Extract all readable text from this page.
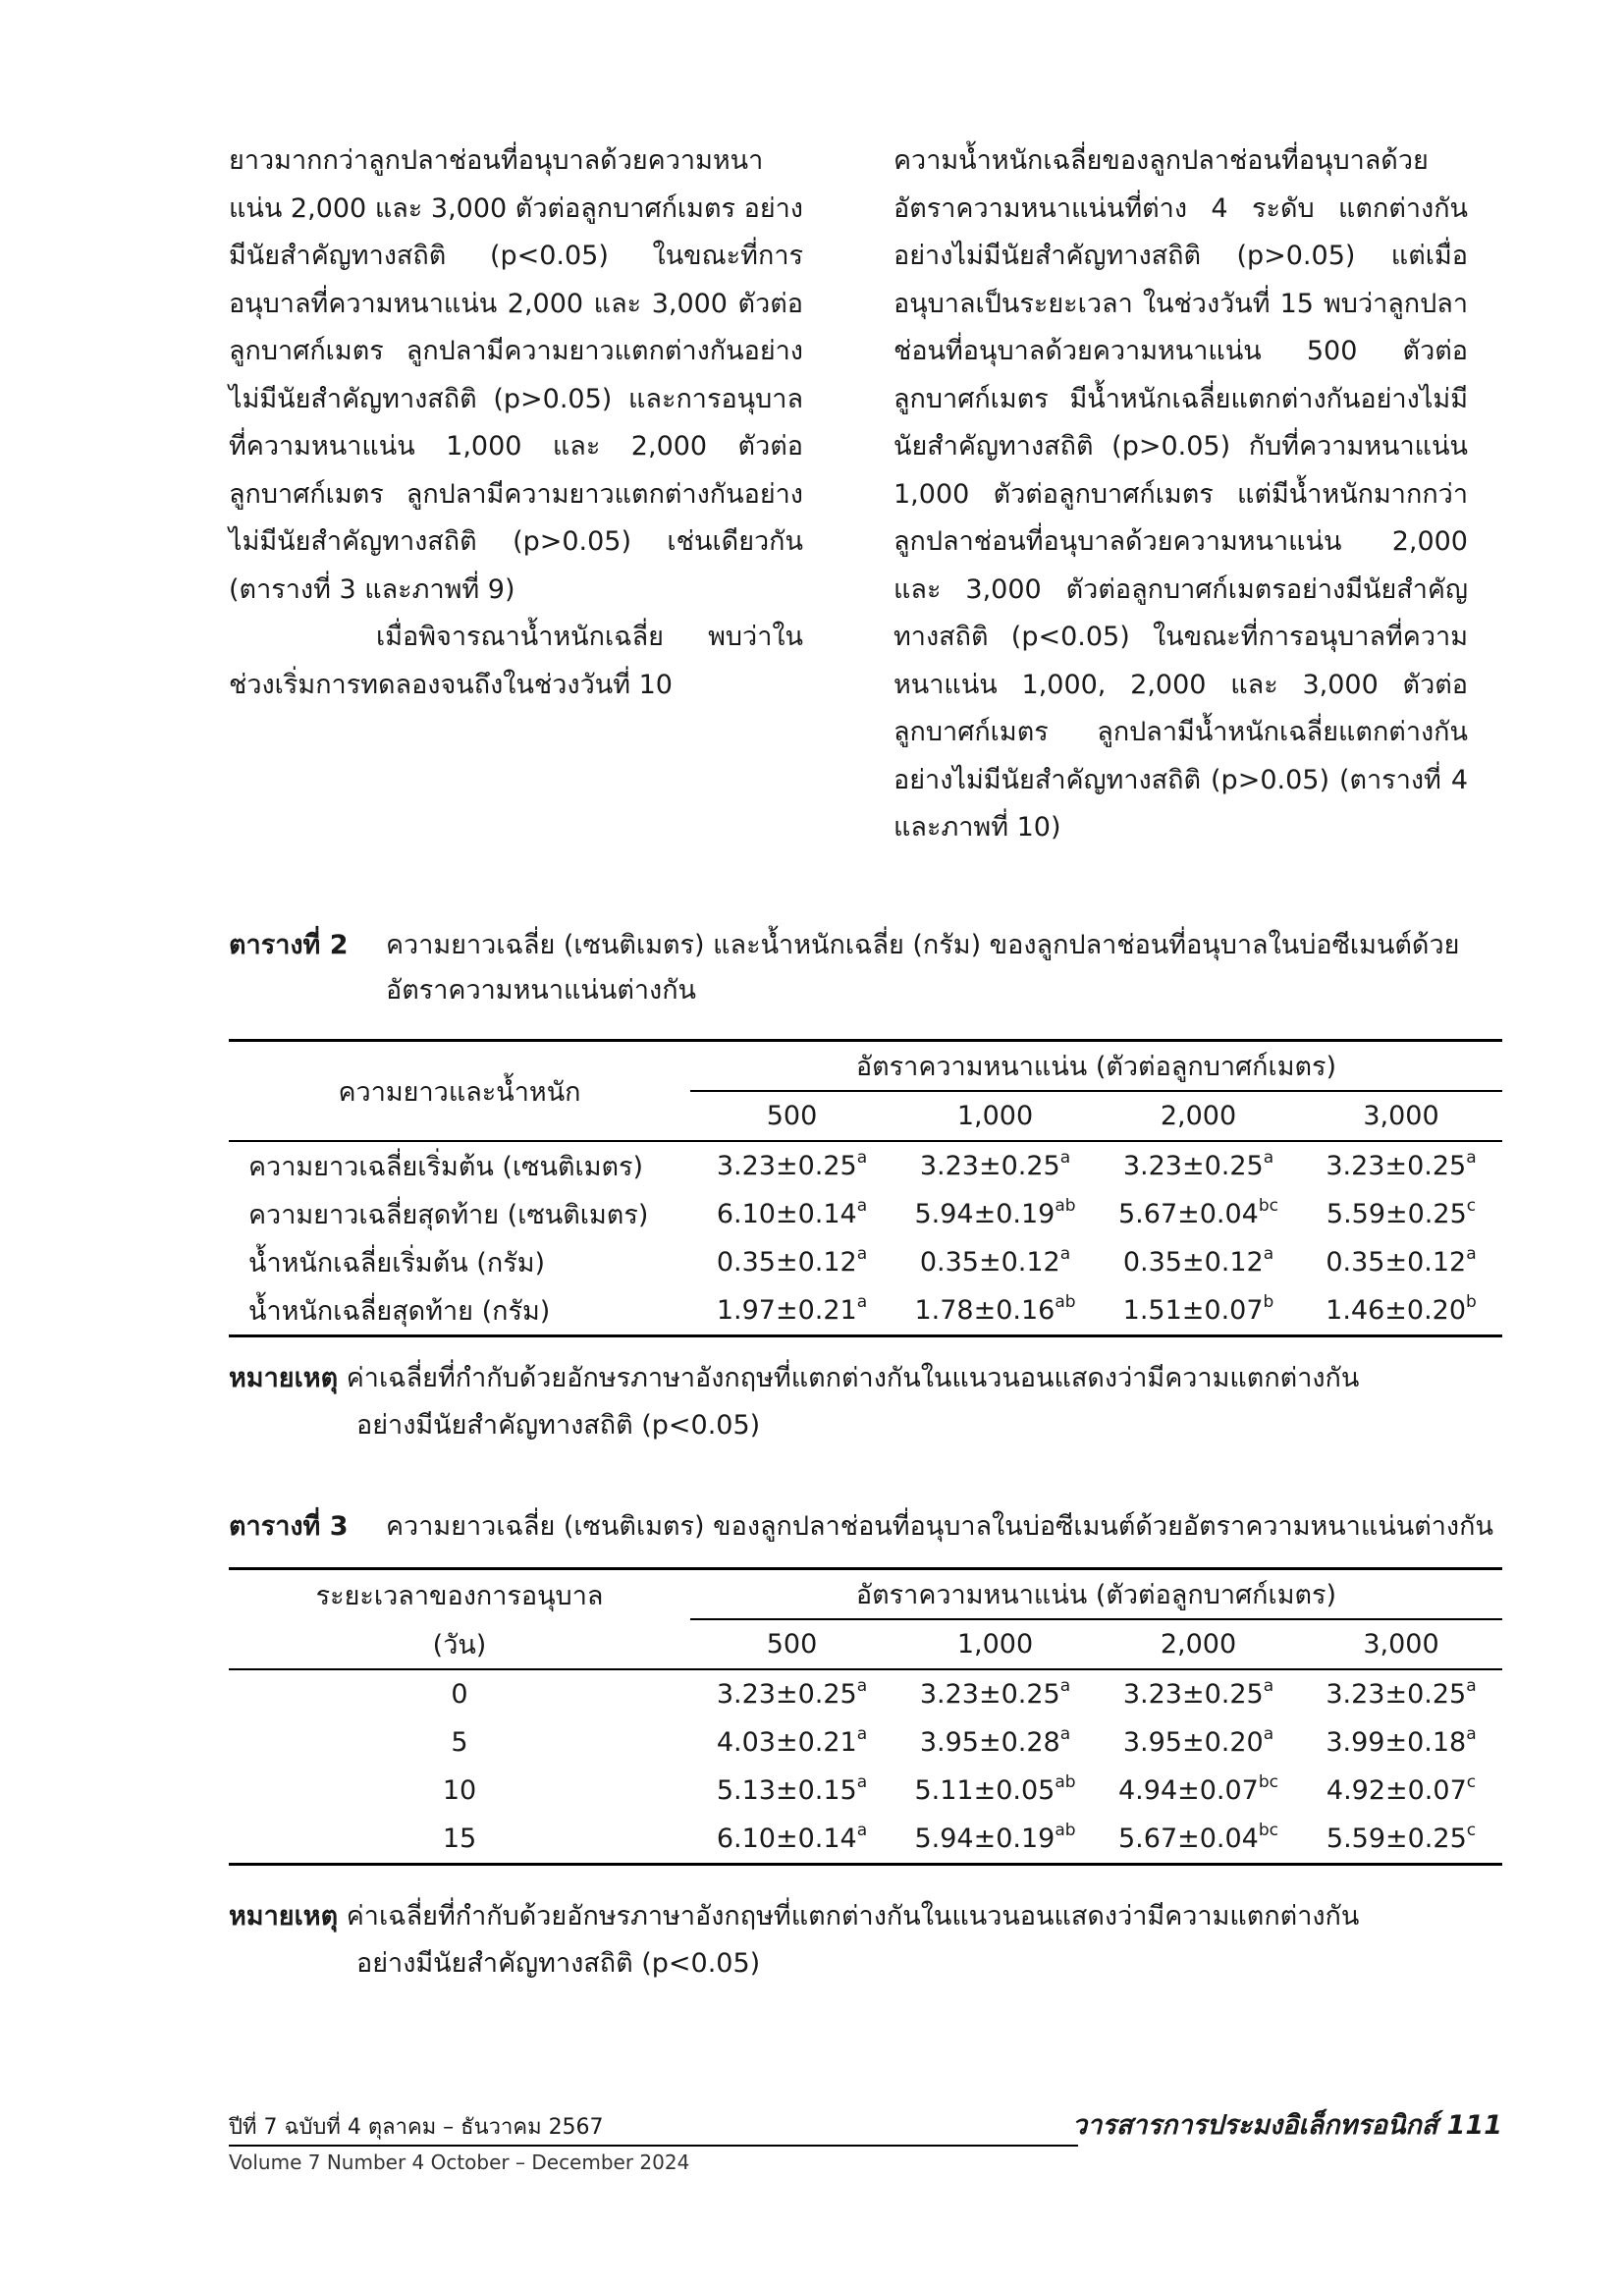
ยาวมากกว่าลูกปลาช่อนที่อนุบาลด้วยความหนาแน่น 2,000 และ 3,000 ตัวต่อลูกบาศก์เมตร อย่างมีนัยสำคัญทางสถิติ (p<0.05) ในขณะที่การอนุบาลที่ความหนาแน่น 2,000 และ 3,000 ตัวต่อลูกบาศก์เมตร ลูกปลามีความยาวแตกต่างกันอย่างไม่มีนัยสำคัญทางสถิติ (p>0.05) และการอนุบาลที่ความหนาแน่น 1,000 และ 2,000 ตัวต่อลูกบาศก์เมตร ลูกปลามีความยาวแตกต่างกันอย่างไม่มีนัยสำคัญทางสถิติ (p>0.05) เช่นเดียวกัน (ตารางที่ 3 และภาพที่ 9)

เมื่อพิจารณาน้ำหนักเฉลี่ย พบว่าในช่วงเริ่มการทดลองจนถึงในช่วงวันที่ 10

ความน้ำหนักเฉลี่ยของลูกปลาช่อนที่อนุบาลด้วยอัตราความหนาแน่นที่ต่าง 4 ระดับ แตกต่างกันอย่างไม่มีนัยสำคัญทางสถิติ (p>0.05) แต่เมื่ออนุบาลเป็นระยะเวลา ในช่วงวันที่ 15 พบว่าลูกปลาช่อนที่อนุบาลด้วยความหนาแน่น 500 ตัวต่อลูกบาศก์เมตร มีน้ำหนักเฉลี่ยแตกต่างกันอย่างไม่มีนัยสำคัญทางสถิติ (p>0.05) กับที่ความหนาแน่น 1,000 ตัวต่อลูกบาศก์เมตร แต่มีน้ำหนักมากกว่าลูกปลาช่อนที่อนุบาลด้วยความหนาแน่น 2,000 และ 3,000 ตัวต่อลูกบาศก์เมตรอย่างมีนัยสำคัญทางสถิติ (p<0.05) ในขณะที่การอนุบาลที่ความหนาแน่น 1,000, 2,000 และ 3,000 ตัวต่อลูกบาศก์เมตร ลูกปลามีน้ำหนักเฉลี่ยแตกต่างกันอย่างไม่มีนัยสำคัญทางสถิติ (p>0.05) (ตารางที่ 4 และภาพที่ 10)

ตารางที่ 2 ความยาวเฉลี่ย (เซนติเมตร) และน้ำหนักเฉลี่ย (กรัม) ของลูกปลาช่อนที่อนุบาลในบ่อซีเมนต์ด้วย
อัตราความหนาแน่นต่างกัน
ความยาวและน้ำหนัก	อัตราความหนาแน่น (ตัวต่อลูกบาศก์เมตร)			
	500	1,000	2,000	3,000
ความยาวเฉลี่ยเริ่มต้น (เซนติเมตร)	3.23±0.25$^a$	3.23±0.25$^a$	3.23±0.25$^a$	3.23±0.25$^a$
ความยาวเฉลี่ยสุดท้าย (เซนติเมตร)	6.10±0.14$^a$	5.94±0.19$^{ab}$	5.67±0.04$^{bc}$	5.59±0.25$^c$
น้ำหนักเฉลี่ยเริ่มต้น (กรัม)	0.35±0.12$^a$	0.35±0.12$^a$	0.35±0.12$^a$	0.35±0.12$^a$
น้ำหนักเฉลี่ยสุดท้าย (กรัม)	1.97±0.21$^a$	1.78±0.16$^{ab}$	1.51±0.07$^b$	1.46±0.20$^b$
หมายเหตุ ค่าเฉลี่ยที่กำกับด้วยอักษรภาษาอังกฤษที่แตกต่างกันในแนวนอนแสดงว่ามีความแตกต่างกัน
อย่างมีนัยสำคัญทางสถิติ (p<0.05)
ตารางที่ 3 ความยาวเฉลี่ย (เซนติเมตร) ของลูกปลาช่อนที่อนุบาลในบ่อซีเมนต์ด้วยอัตราความหนาแน่นต่างกัน
ระยะเวลาของการอนุบาล	อัตราความหนาแน่น (ตัวต่อลูกบาศก์เมตร)			
(วัน)	500	1,000	2,000	3,000
0	3.23±0.25$^a$	3.23±0.25$^a$	3.23±0.25$^a$	3.23±0.25$^a$
5	4.03±0.21$^a$	3.95±0.28$^a$	3.95±0.20$^a$	3.99±0.18$^a$
10	5.13±0.15$^a$	5.11±0.05$^{ab}$	4.94±0.07$^{bc}$	4.92±0.07$^c$
15	6.10±0.14$^a$	5.94±0.19$^{ab}$	5.67±0.04$^{bc}$	5.59±0.25$^c$
หมายเหตุ ค่าเฉลี่ยที่กำกับด้วยอักษรภาษาอังกฤษที่แตกต่างกันในแนวนอนแสดงว่ามีความแตกต่างกัน
อย่างมีนัยสำคัญทางสถิติ (p<0.05)
ปีที่ 7 ฉบับที่ 4 ตุลาคม – ธันวาคม 2567
Volume 7 Number 4 October – December 2024
วารสารการประมงอิเล็กทรอนิกส์ 111
